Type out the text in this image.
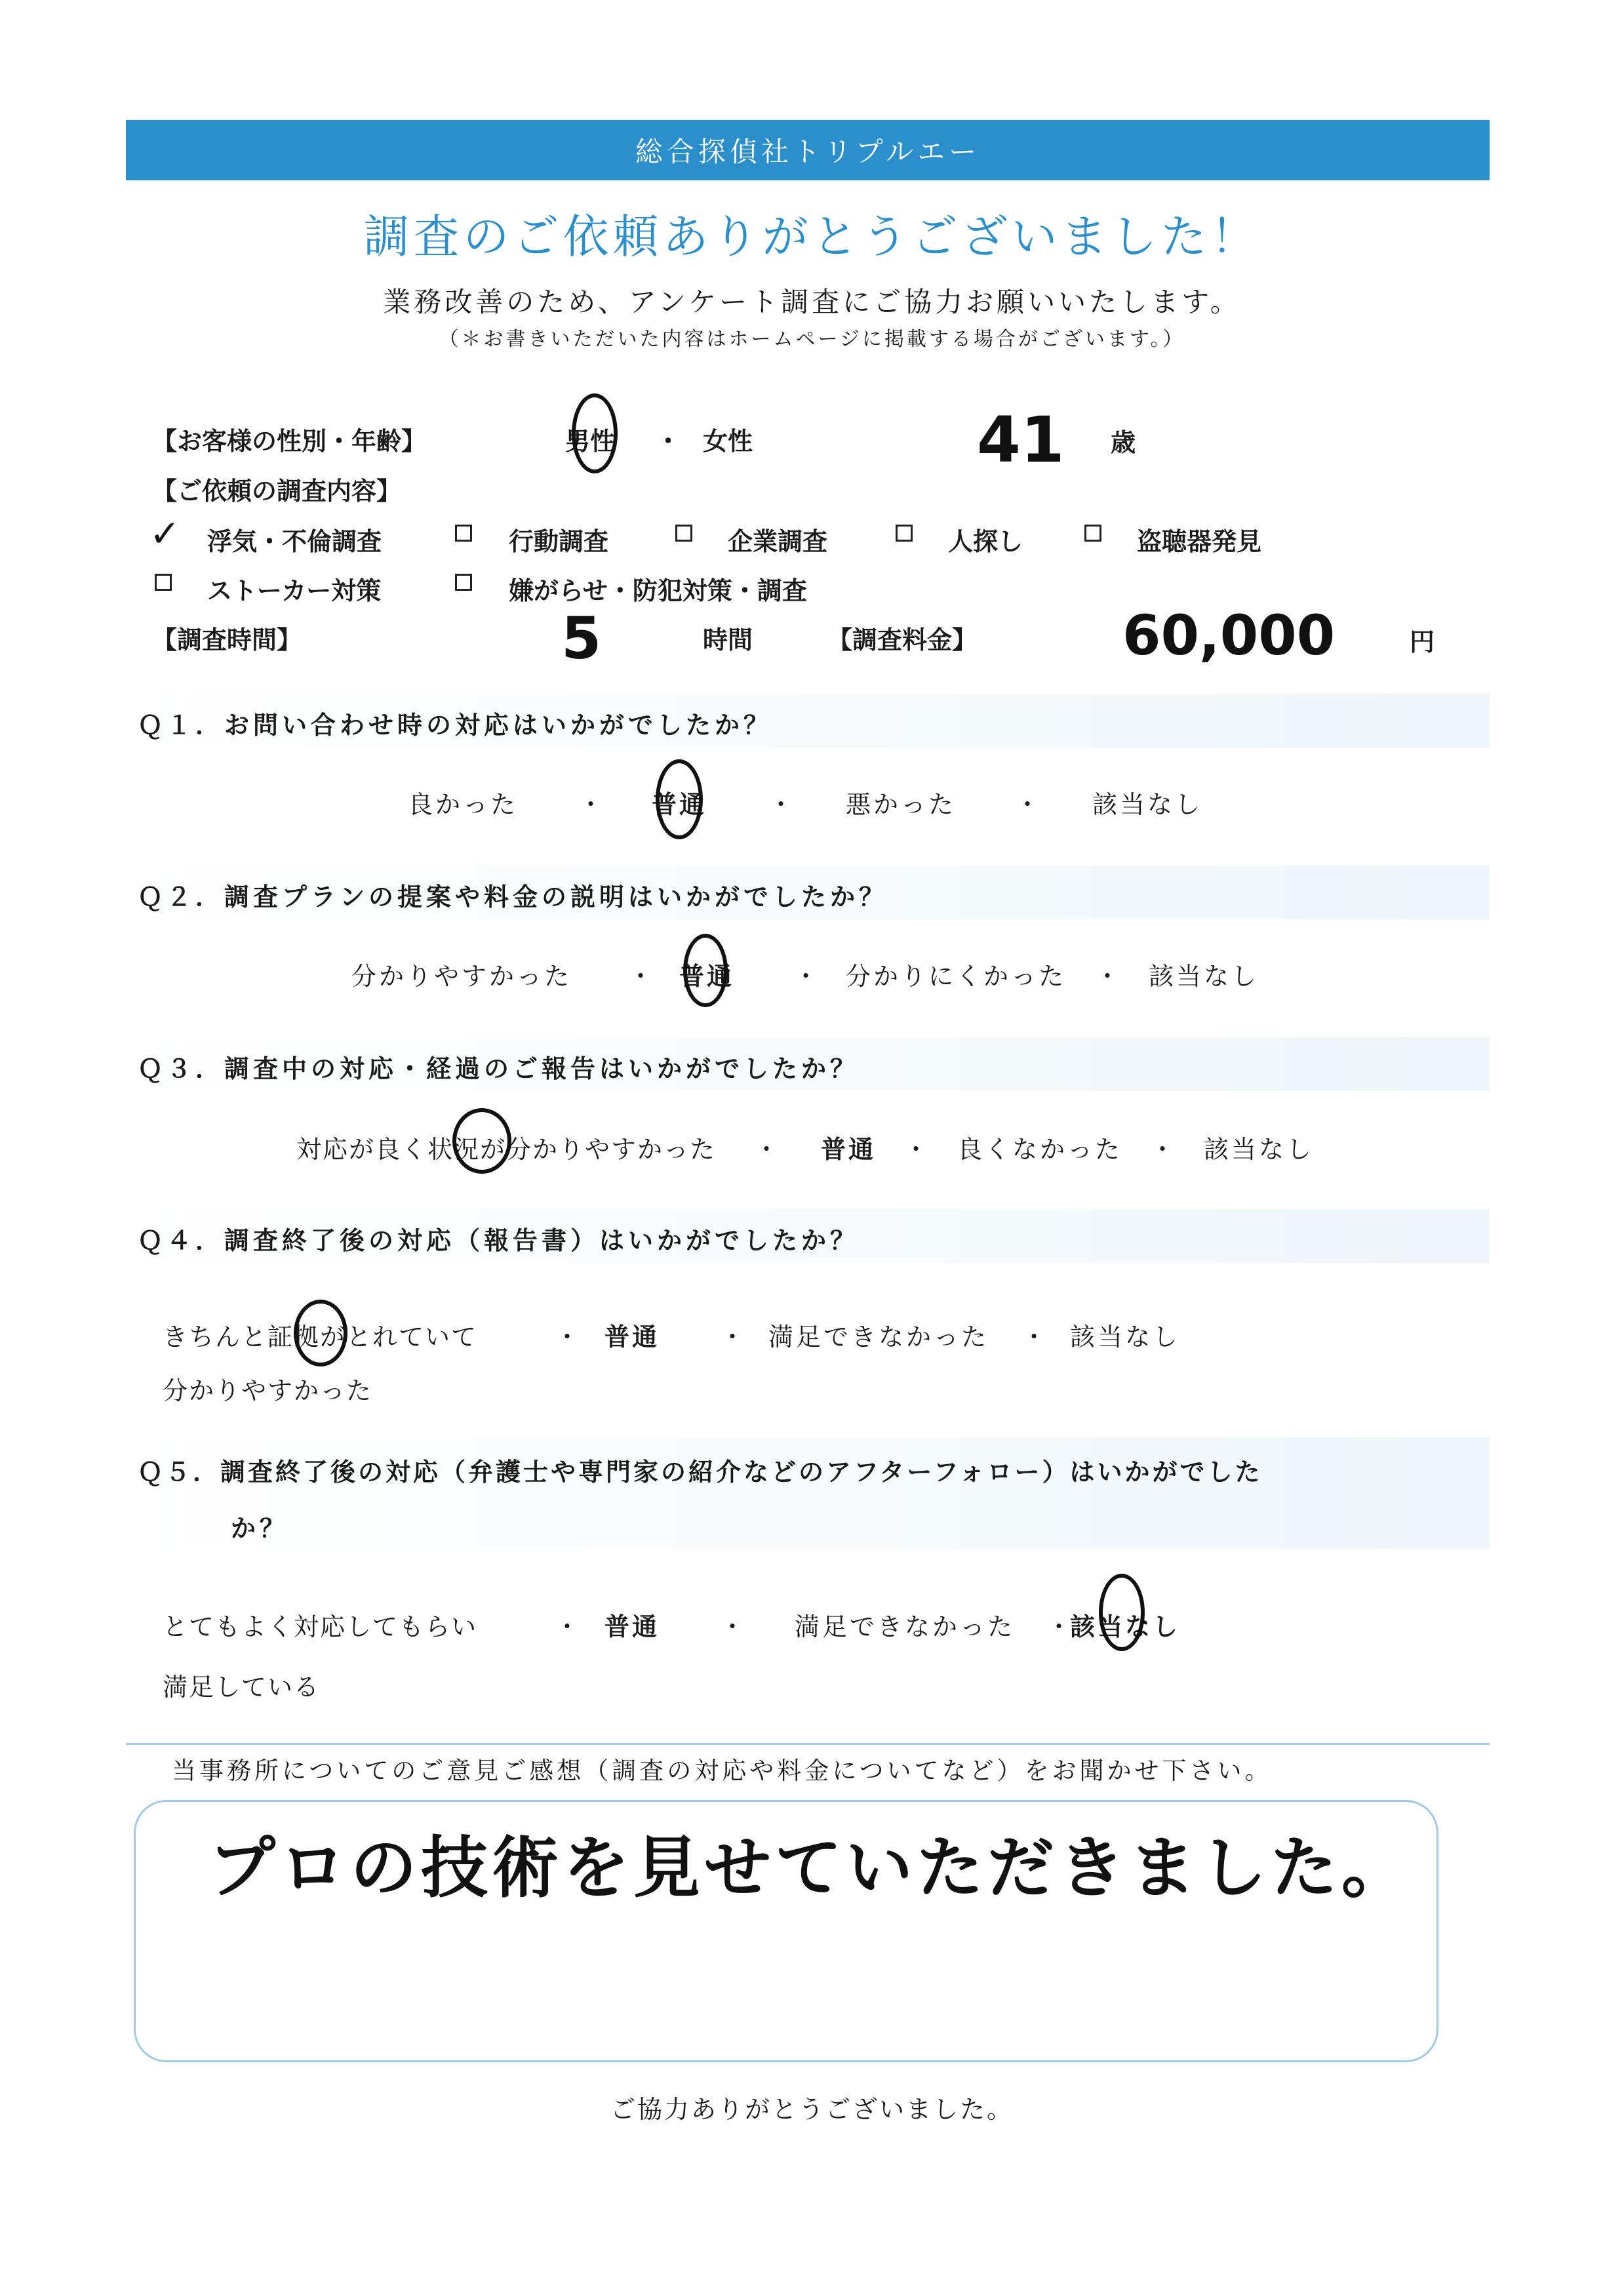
総合探偵社トリプルエー
調査のご依頼ありがとうございました！
業務改善のため、アンケート調査にご協力お願いいたします。
（＊お書きいただいた内容はホームページに掲載する場合がございます。）
【お客様の性別・年齢】	男性 ・ 女性	41 歳
【ご依頼の調査内容】
✓ 浮気・不倫調査	行動調査	企業調査	人探し	盗聴器発見
ストーカー対策	嫌がらせ・防犯対策・調査
【調査時間】	5	時間	【調査料金】	60,000	円
Ｑ１．お問い合わせ時の対応はいかがでしたか？
良かった ・ 普通 ・ 悪かった ・ 該当なし
Ｑ２．調査プランの提案や料金の説明はいかがでしたか？
分かりやすかった ・ 普通 ・ 分かりにくかった ・ 該当なし
Ｑ３．調査中の対応・経過のご報告はいかがでしたか？
対応が良く状況が分かりやすかった ・ 普通 ・ 良くなかった ・ 該当なし
Ｑ４．調査終了後の対応（報告書）はいかがでしたか？
きちんと証拠がとれていて
分かりやすかった
・ 普通 ・ 満足できなかった ・ 該当なし
Ｑ５．調査終了後の対応（弁護士や専門家の紹介などのアフターフォロー）はいかがでした
か？
とてもよく対応してもらい
満足している
・ 普通 ・ 満足できなかった ・
該当なし
当事務所についてのご意見ご感想（調査の対応や料金についてなど）をお聞かせ下さい。
プロの技術を見せていただきました。
ご協力ありがとうございました。
